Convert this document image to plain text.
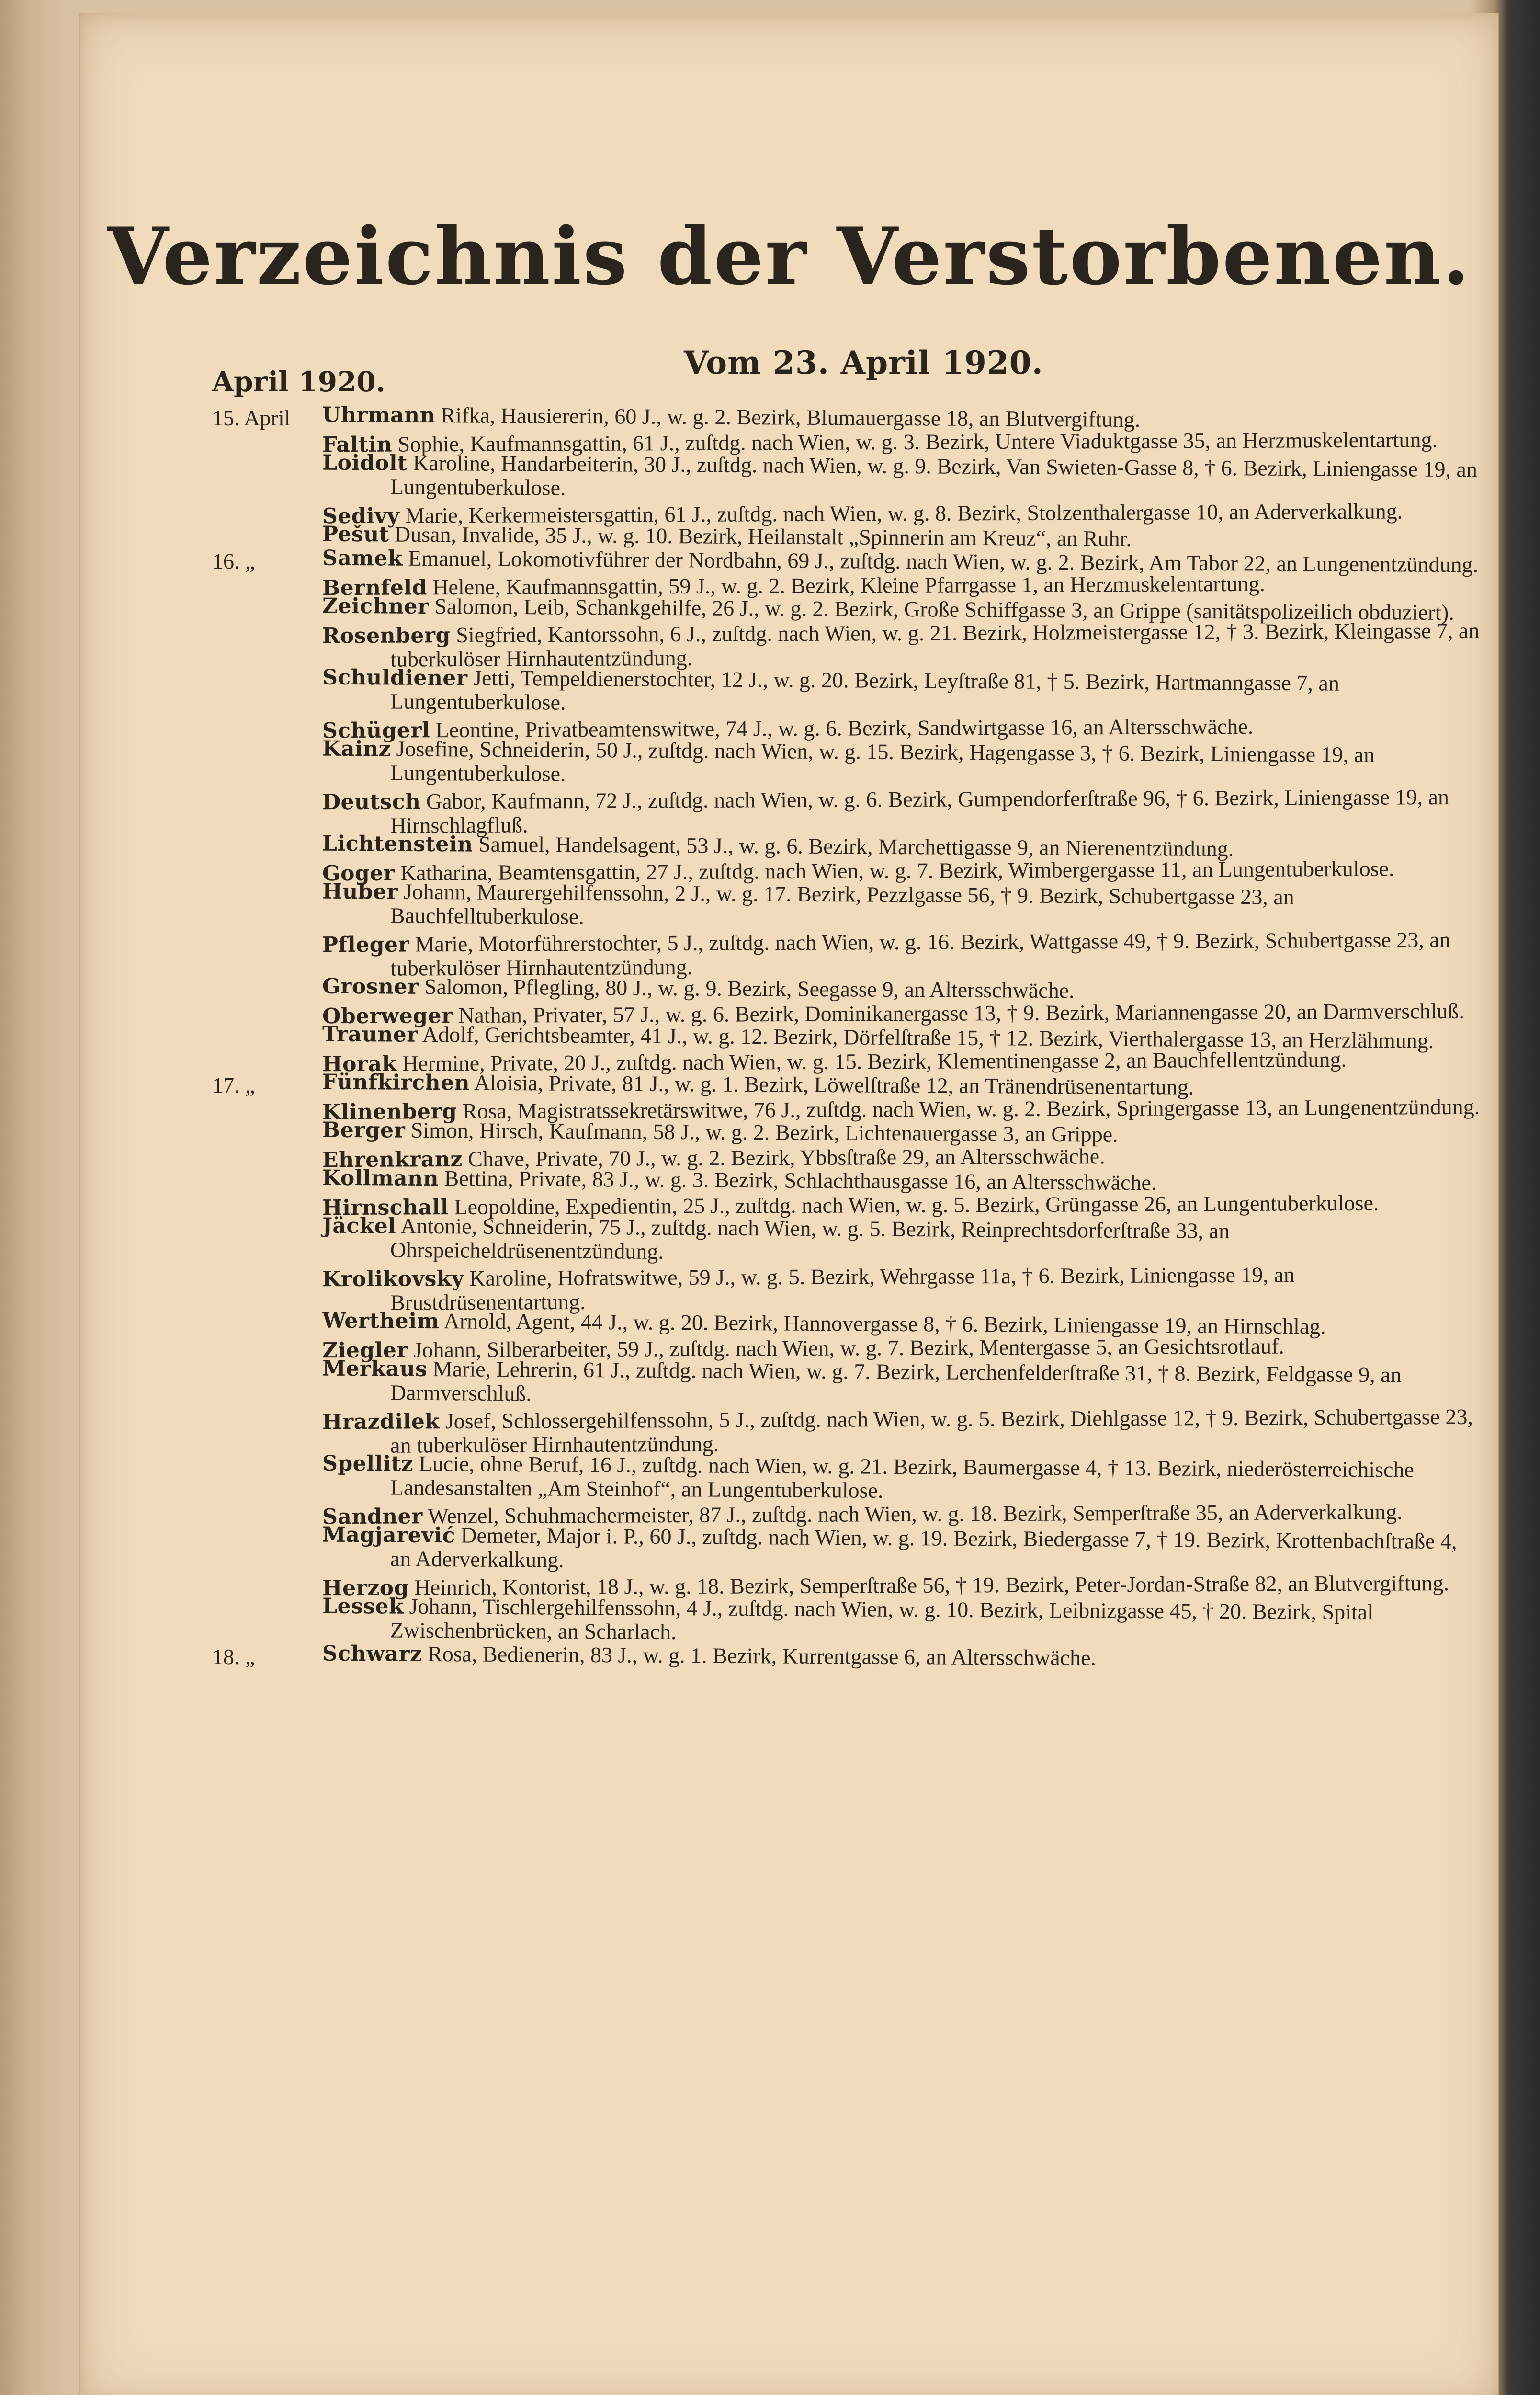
Verzeichnis der Verstorbenen.
April 1920.
Vom 23. April 1920.
15. April	Uhrmann Rifka, Hausiererin, 60 J., w. g. 2. Bezirk, Blumauergasse 18, an Blutvergiftung.

Faltin Sophie, Kaufmannsgattin, 61 J., zuſtdg. nach Wien, w. g. 3. Bezirk, Untere Viaduktgasse 35, an Herzmuskelentartung.

Loidolt Karoline, Handarbeiterin, 30 J., zuſtdg. nach Wien, w. g. 9. Bezirk, Van Swieten-Gasse 8, † 6. Bezirk, Liniengasse 19, an Lungentuberkulose.

Sedivy Marie, Kerkermeistersgattin, 61 J., zuſtdg. nach Wien, w. g. 8. Bezirk, Stolzenthalergasse 10, an Aderverkalkung.

Pešut Dusan, Invalide, 35 J., w. g. 10. Bezirk, Heilanstalt „Spinnerin am Kreuz“, an Ruhr.

16. „	Samek Emanuel, Lokomotivführer der Nordbahn, 69 J., zuſtdg. nach Wien, w. g. 2. Bezirk, Am Tabor 22, an Lungenentzündung.

Bernfeld Helene, Kaufmannsgattin, 59 J., w. g. 2. Bezirk, Kleine Pfarrgasse 1, an Herzmuskelentartung.

Zeichner Salomon, Leib, Schankgehilfe, 26 J., w. g. 2. Bezirk, Große Schiffgasse 3, an Grippe (sanitätspolizeilich obduziert).

Rosenberg Siegfried, Kantorssohn, 6 J., zuſtdg. nach Wien, w. g. 21. Bezirk, Holzmeistergasse 12, † 3. Bezirk, Kleingasse 7, an tuberkulöser Hirnhautentzündung.

Schuldiener Jetti, Tempeldienerstochter, 12 J., w. g. 20. Bezirk, Leyſtraße 81, † 5. Bezirk, Hartmanngasse 7, an Lungentuberkulose.

Schügerl Leontine, Privatbeamtenswitwe, 74 J., w. g. 6. Bezirk, Sandwirtgasse 16, an Altersschwäche.

Kainz Josefine, Schneiderin, 50 J., zuſtdg. nach Wien, w. g. 15. Bezirk, Hagengasse 3, † 6. Bezirk, Liniengasse 19, an Lungentuberkulose.

Deutsch Gabor, Kaufmann, 72 J., zuſtdg. nach Wien, w. g. 6. Bezirk, Gumpendorferſtraße 96, † 6. Bezirk, Liniengasse 19, an Hirnschlagfluß.

Lichtenstein Samuel, Handelsagent, 53 J., w. g. 6. Bezirk, Marchettigasse 9, an Nierenentzündung.

Goger Katharina, Beamtensgattin, 27 J., zuſtdg. nach Wien, w. g. 7. Bezirk, Wimbergergasse 11, an Lungentuberkulose.

Huber Johann, Maurergehilfenssohn, 2 J., w. g. 17. Bezirk, Pezzlgasse 56, † 9. Bezirk, Schubertgasse 23, an Bauchfelltuberkulose.

Pfleger Marie, Motorführerstochter, 5 J., zuſtdg. nach Wien, w. g. 16. Bezirk, Wattgasse 49, † 9. Bezirk, Schubertgasse 23, an tuberkulöser Hirnhautentzündung.

Grosner Salomon, Pflegling, 80 J., w. g. 9. Bezirk, Seegasse 9, an Altersschwäche.

Oberweger Nathan, Privater, 57 J., w. g. 6. Bezirk, Dominikanergasse 13, † 9. Bezirk, Mariannengasse 20, an Darmverschluß.

Trauner Adolf, Gerichtsbeamter, 41 J., w. g. 12. Bezirk, Dörfelſtraße 15, † 12. Bezirk, Vierthalergasse 13, an Herzlähmung.

Horak Hermine, Private, 20 J., zuſtdg. nach Wien, w. g. 15. Bezirk, Klementinengasse 2, an Bauchfellentzündung.

17. „	Fünfkirchen Aloisia, Private, 81 J., w. g. 1. Bezirk, Löwelſtraße 12, an Tränendrüsenentartung.

Klinenberg Rosa, Magistratssekretärswitwe, 76 J., zuſtdg. nach Wien, w. g. 2. Bezirk, Springergasse 13, an Lungenentzündung.

Berger Simon, Hirsch, Kaufmann, 58 J., w. g. 2. Bezirk, Lichtenauergasse 3, an Grippe.

Ehrenkranz Chave, Private, 70 J., w. g. 2. Bezirk, Ybbsſtraße 29, an Altersschwäche.

Kollmann Bettina, Private, 83 J., w. g. 3. Bezirk, Schlachthausgasse 16, an Altersschwäche.

Hirnschall Leopoldine, Expedientin, 25 J., zuſtdg. nach Wien, w. g. 5. Bezirk, Grüngasse 26, an Lungentuberkulose.

Jäckel Antonie, Schneiderin, 75 J., zuſtdg. nach Wien, w. g. 5. Bezirk, Reinprechtsdorferſtraße 33, an Ohrspeicheldrüsenentzündung.

Krolikovsky Karoline, Hofratswitwe, 59 J., w. g. 5. Bezirk, Wehrgasse 11a, † 6. Bezirk, Liniengasse 19, an Brustdrüsenentartung.

Wertheim Arnold, Agent, 44 J., w. g. 20. Bezirk, Hannovergasse 8, † 6. Bezirk, Liniengasse 19, an Hirnschlag.

Ziegler Johann, Silberarbeiter, 59 J., zuſtdg. nach Wien, w. g. 7. Bezirk, Mentergasse 5, an Gesichtsrotlauf.

Merkaus Marie, Lehrerin, 61 J., zuſtdg. nach Wien, w. g. 7. Bezirk, Lerchenfelderſtraße 31, † 8. Bezirk, Feldgasse 9, an Darmverschluß.

Hrazdilek Josef, Schlossergehilfenssohn, 5 J., zuſtdg. nach Wien, w. g. 5. Bezirk, Diehlgasse 12, † 9. Bezirk, Schubertgasse 23, an tuberkulöser Hirnhautentzündung.

Spellitz Lucie, ohne Beruf, 16 J., zuſtdg. nach Wien, w. g. 21. Bezirk, Baumergasse 4, † 13. Bezirk, niederösterreichische Landesanstalten „Am Steinhof“, an Lungentuberkulose.

Sandner Wenzel, Schuhmachermeister, 87 J., zuſtdg. nach Wien, w. g. 18. Bezirk, Semperſtraße 35, an Aderverkalkung.

Magjarević Demeter, Major i. P., 60 J., zuſtdg. nach Wien, w. g. 19. Bezirk, Biedergasse 7, † 19. Bezirk, Krottenbachſtraße 4, an Aderverkalkung.

Herzog Heinrich, Kontorist, 18 J., w. g. 18. Bezirk, Semperſtraße 56, † 19. Bezirk, Peter-Jordan-Straße 82, an Blutvergiftung.

Lessek Johann, Tischlergehilfenssohn, 4 J., zuſtdg. nach Wien, w. g. 10. Bezirk, Leibnizgasse 45, † 20. Bezirk, Spital Zwischenbrücken, an Scharlach.

18. „	Schwarz Rosa, Bedienerin, 83 J., w. g. 1. Bezirk, Kurrentgasse 6, an Altersschwäche.
